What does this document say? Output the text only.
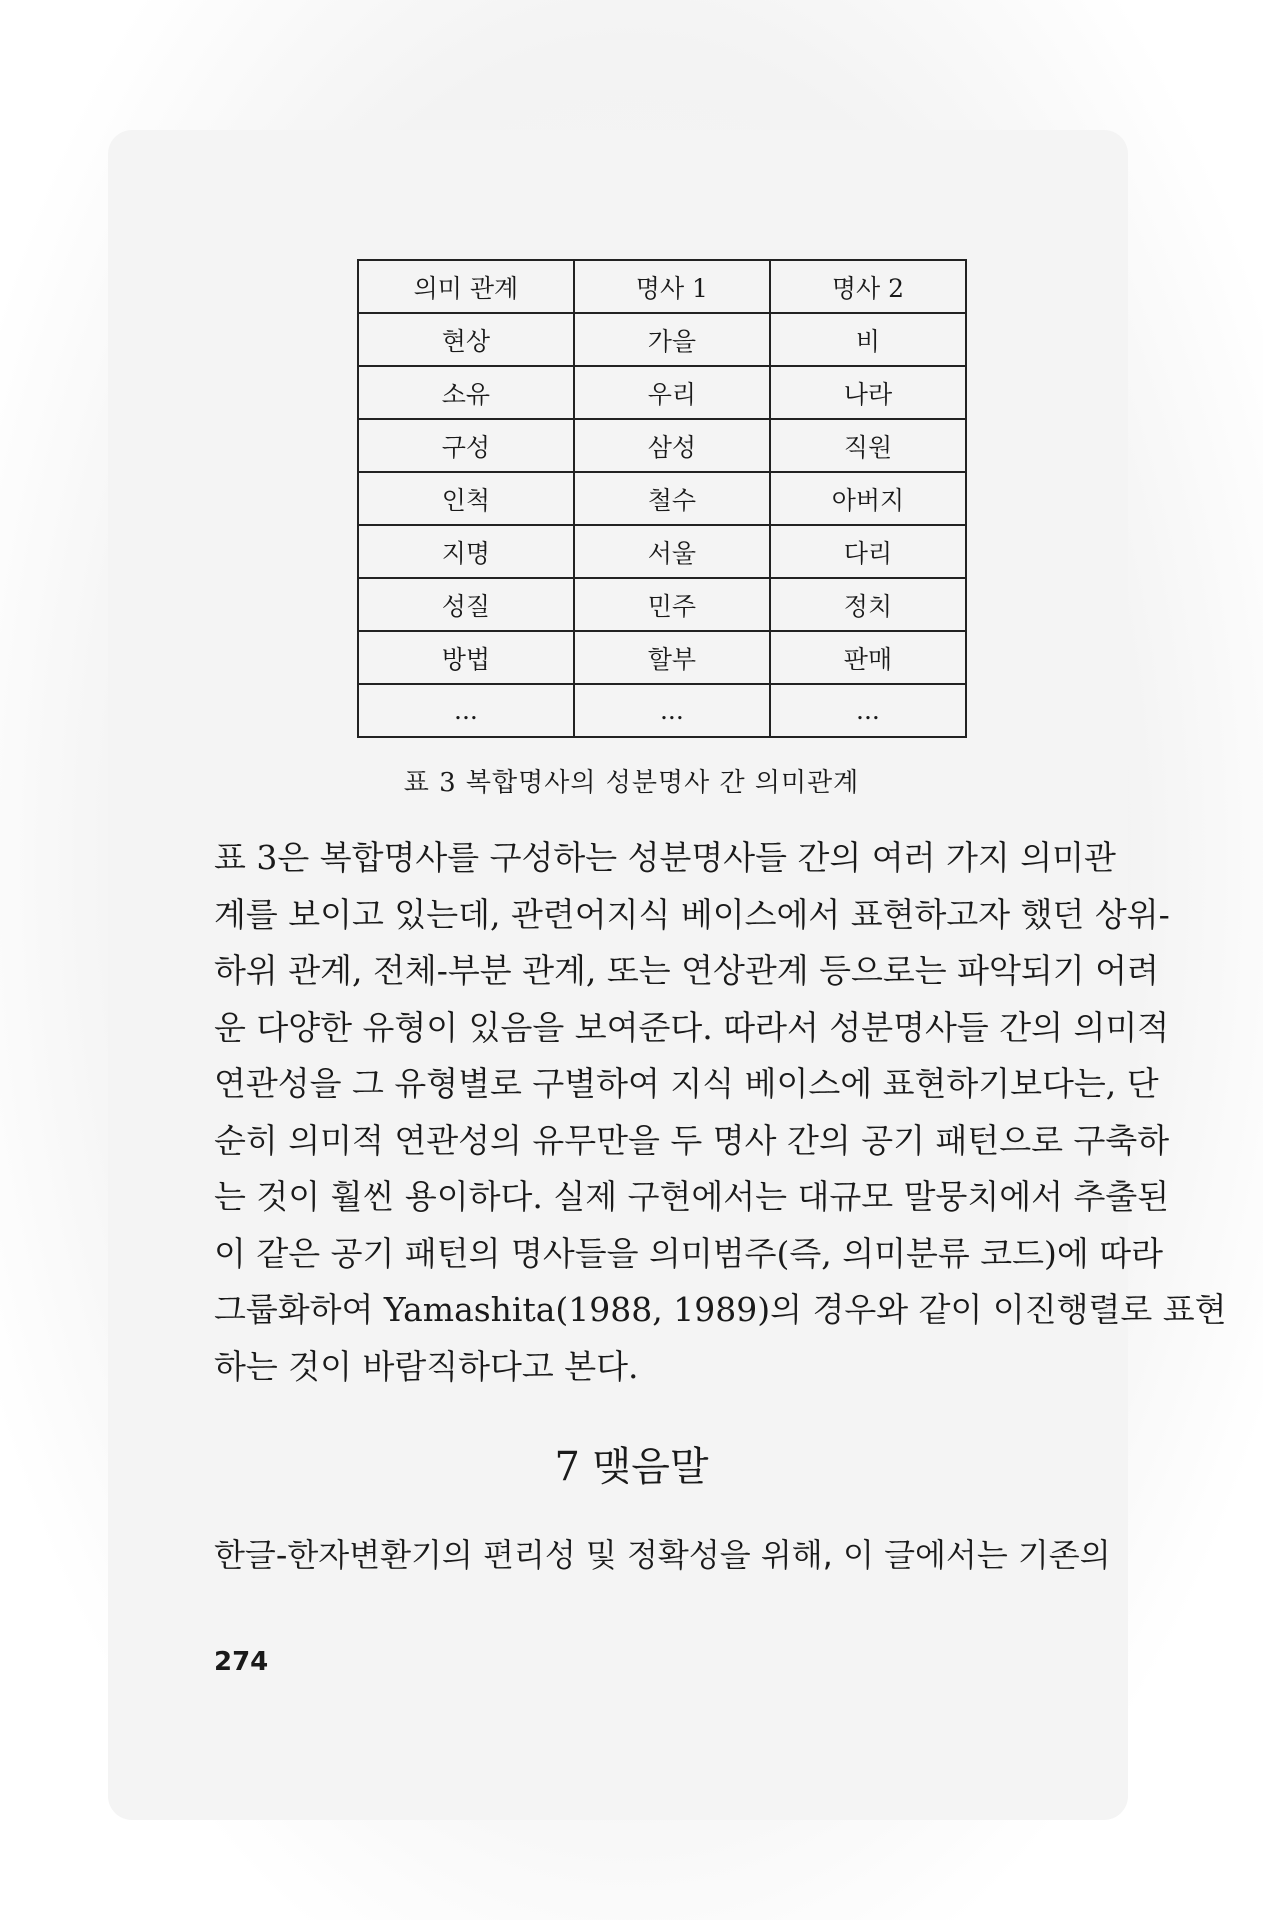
의미 관계	명사 1	명사 2
현상	가을	비
소유	우리	나라
구성	삼성	직원
인척	철수	아버지
지명	서울	다리
성질	민주	정치
방법	할부	판매
...	...	...
표 3 복합명사의 성분명사 간 의미관계
표 3은 복합명사를 구성하는 성분명사들 간의 여러 가지 의미관
계를 보이고 있는데, 관련어지식 베이스에서 표현하고자 했던 상위-
하위 관계, 전체-부분 관계, 또는 연상관계 등으로는 파악되기 어려
운 다양한 유형이 있음을 보여준다. 따라서 성분명사들 간의 의미적
연관성을 그 유형별로 구별하여 지식 베이스에 표현하기보다는, 단
순히 의미적 연관성의 유무만을 두 명사 간의 공기 패턴으로 구축하
는 것이 훨씬 용이하다. 실제 구현에서는 대규모 말뭉치에서 추출된
이 같은 공기 패턴의 명사들을 의미범주(즉, 의미분류 코드)에 따라
그룹화하여 Yamashita(1988, 1989)의 경우와 같이 이진행렬로 표현
하는 것이 바람직하다고 본다.
7 맺음말
한글-한자변환기의 편리성 및 정확성을 위해, 이 글에서는 기존의
274
